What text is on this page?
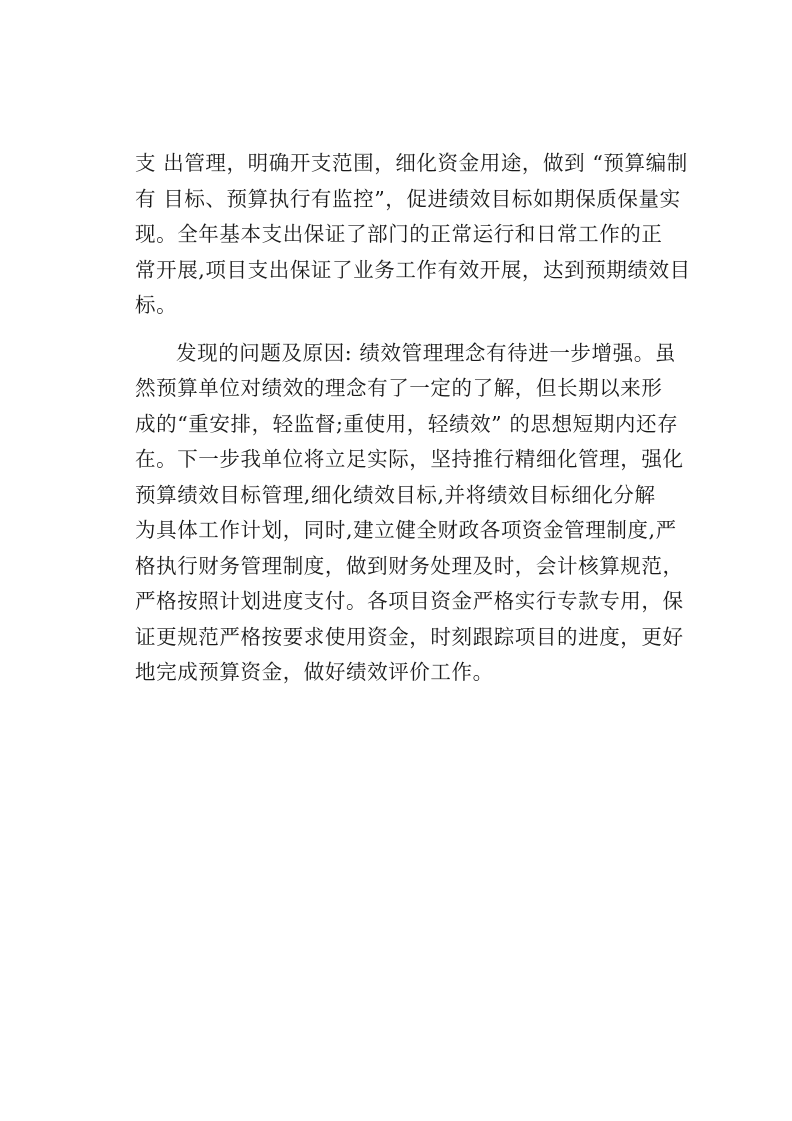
支 出管理，明确开支范围，细化资金用途，做到 “预算编制
有 目标、预算执行有监控”，促进绩效目标如期保质保量实
现。全年基本支出保证了部门的正常运行和日常工作的正
常开展,项目支出保证了业务工作有效开展，达到预期绩效目
标。
发现的问题及原因: 绩效管理理念有待进一步增强。虽
然预算单位对绩效的理念有了一定的了解，但长期以来形
成的“重安排，轻监督;重使用，轻绩效” 的思想短期内还存
在。下一步我单位将立足实际，坚持推行精细化管理，强化
预算绩效目标管理,细化绩效目标,并将绩效目标细化分解
为具体工作计划，同时,建立健全财政各项资金管理制度,严
格执行财务管理制度，做到财务处理及时，会计核算规范，
严格按照计划进度支付。各项目资金严格实行专款专用，保
证更规范严格按要求使用资金，时刻跟踪项目的进度，更好
地完成预算资金，做好绩效评价工作。
